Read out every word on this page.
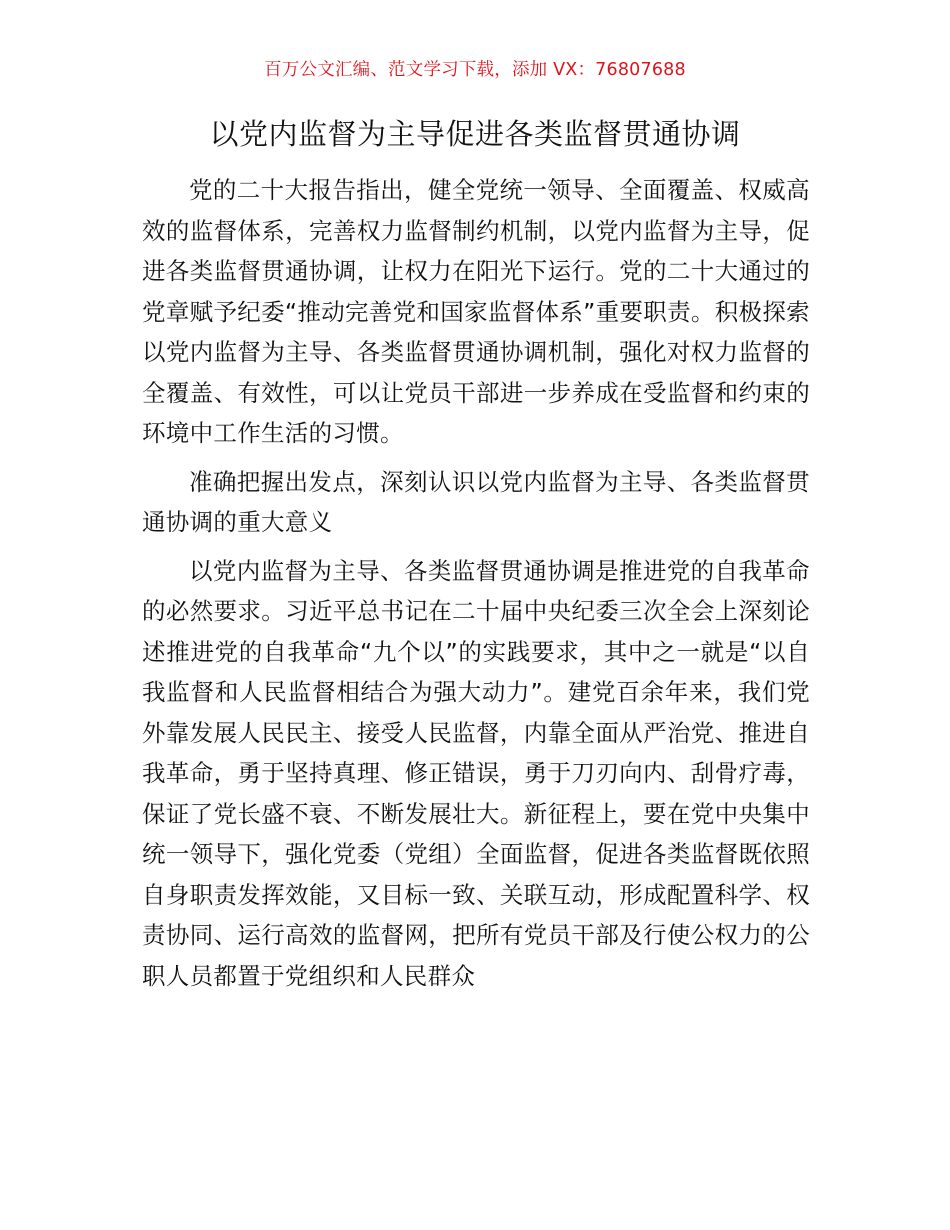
百万公文汇编、范文学习下载，添加 VX：76807688
以党内监督为主导促进各类监督贯通协调

党的二十大报告指出，健全党统一领导、全面覆盖、权威高效的监督体系，完善权力监督制约机制，以党内监督为主导，促进各类监督贯通协调，让权力在阳光下运行。党的二十大通过的党章赋予纪委“推动完善党和国家监督体系”重要职责。积极探索以党内监督为主导、各类监督贯通协调机制，强化对权力监督的全覆盖、有效性，可以让党员干部进一步养成在受监督和约束的环境中工作生活的习惯。

准确把握出发点，深刻认识以党内监督为主导、各类监督贯通协调的重大意义

以党内监督为主导、各类监督贯通协调是推进党的自我革命的必然要求。习近平总书记在二十届中央纪委三次全会上深刻论述推进党的自我革命“九个以”的实践要求，其中之一就是“以自我监督和人民监督相结合为强大动力”。建党百余年来，我们党外靠发展人民民主、接受人民监督，内靠全面从严治党、推进自我革命，勇于坚持真理、修正错误，勇于刀刃向内、刮骨疗毒，保证了党长盛不衰、不断发展壮大。新征程上，要在党中央集中统一领导下，强化党委（党组）全面监督，促进各类监督既依照自身职责发挥效能，又目标一致、关联互动，形成配置科学、权责协同、运行高效的监督网，把所有党员干部及行使公权力的公职人员都置于党组织和人民群众
